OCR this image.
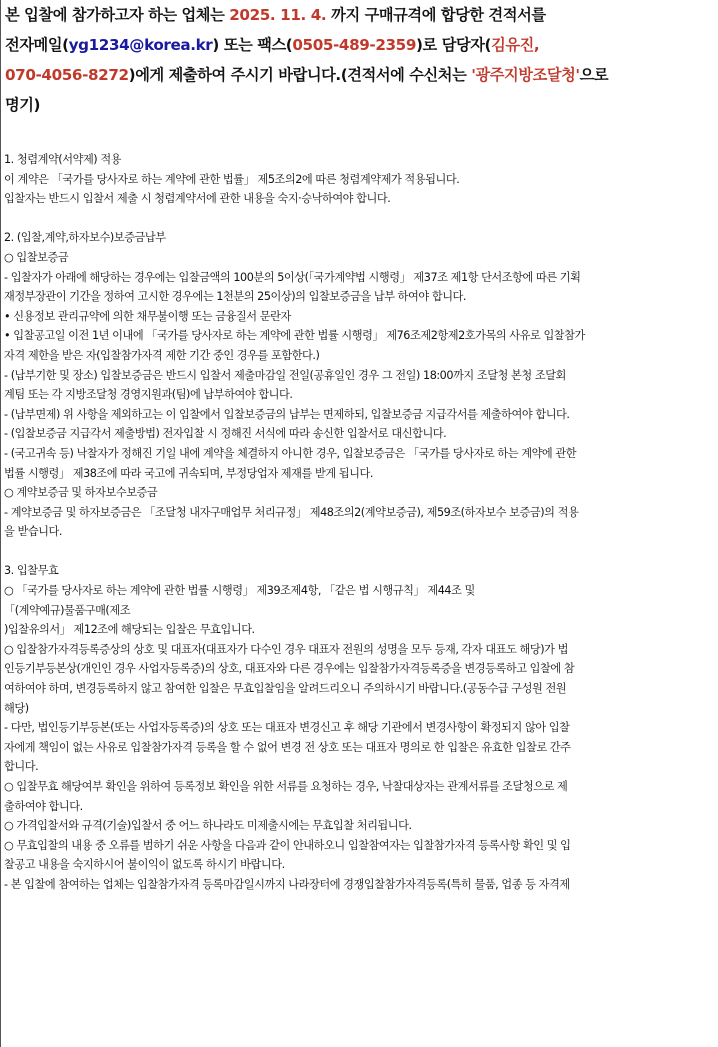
본 입찰에 참가하고자 하는 업체는 2025. 11. 4. 까지 구매규격에 합당한 견적서를
전자메일(yg1234@korea.kr) 또는 팩스(0505-489-2359)로 담당자(김유진,
070-4056-8272)에게 제출하여 주시기 바랍니다.(견적서에 수신처는 '광주지방조달청'으로
명기)
1. 청렴계약(서약제) 적용
이 계약은 「국가를 당사자로 하는 계약에 관한 법률」 제5조의2에 따른 청렴계약제가 적용됩니다.
입찰자는 반드시 입찰서 제출 시 청렴계약서에 관한 내용을 숙지·승낙하여야 합니다.
2. (입찰,계약,하자보수)보증금납부
○ 입찰보증금
- 입찰자가 아래에 해당하는 경우에는 입찰금액의 100분의 5이상(「국가계약법 시행령」 제37조 제1항 단서조항에 따른 기획
재정부장관이 기간을 정하여 고시한 경우에는 1천분의 25이상)의 입찰보증금을 납부 하여야 합니다.
• 신용정보 관리규약에 의한 채무불이행 또는 금융질서 문란자
• 입찰공고일 이전 1년 이내에 「국가를 당사자로 하는 계약에 관한 법률 시행령」 제76조제2항제2호가목의 사유로 입찰참가
자격 제한을 받은 자(입찰참가자격 제한 기간 중인 경우를 포함한다.)
- (납부기한 및 장소) 입찰보증금은 반드시 입찰서 제출마감일 전일(공휴일인 경우 그 전일) 18:00까지 조달청 본청 조달회
계팀 또는 각 지방조달청 경영지원과(팀)에 납부하여야 합니다.
- (납부면제) 위 사항을 제외하고는 이 입찰에서 입찰보증금의 납부는 면제하되, 입찰보증금 지급각서를 제출하여야 합니다.
- (입찰보증금 지급각서 제출방법) 전자입찰 시 정해진 서식에 따라 송신한 입찰서로 대신합니다.
- (국고귀속 등) 낙찰자가 정해진 기일 내에 계약을 체결하지 아니한 경우, 입찰보증금은 「국가를 당사자로 하는 계약에 관한
법률 시행령」 제38조에 따라 국고에 귀속되며, 부정당업자 제재를 받게 됩니다.
○ 계약보증금 및 하자보수보증금
- 계약보증금 및 하자보증금은 「조달청 내자구매업무 처리규정」 제48조의2(계약보증금), 제59조(하자보수 보증금)의 적용
을 받습니다.
3. 입찰무효
○ 「국가를 당사자로 하는 계약에 관한 법률 시행령」 제39조제4항, 「같은 법 시행규칙」 제44조 및
「(계약예규)물품구매(제조
)입찰유의서」 제12조에 해당되는 입찰은 무효입니다.
○ 입찰참가자격등록증상의 상호 및 대표자(대표자가 다수인 경우 대표자 전원의 성명을 모두 등재, 각자 대표도 해당)가 법
인등기부등본상(개인인 경우 사업자등록증)의 상호, 대표자와 다른 경우에는 입찰참가자격등록증을 변경등록하고 입찰에 참
여하여야 하며, 변경등록하지 않고 참여한 입찰은 무효입찰임을 알려드리오니 주의하시기 바랍니다.(공동수급 구성원 전원
해당)
- 다만, 법인등기부등본(또는 사업자등록증)의 상호 또는 대표자 변경신고 후 해당 기관에서 변경사항이 확정되지 않아 입찰
자에게 책임이 없는 사유로 입찰참가자격 등록을 할 수 없어 변경 전 상호 또는 대표자 명의로 한 입찰은 유효한 입찰로 간주
합니다.
○ 입찰무효 해당여부 확인을 위하여 등록정보 확인을 위한 서류를 요청하는 경우, 낙찰대상자는 관계서류를 조달청으로 제
출하여야 합니다.
○ 가격입찰서와 규격(기술)입찰서 중 어느 하나라도 미제출시에는 무효입찰 처리됩니다.
○ 무효입찰의 내용 중 오류를 범하기 쉬운 사항을 다음과 같이 안내하오니 입찰참여자는 입찰참가자격 등록사항 확인 및 입
찰공고 내용을 숙지하시어 불이익이 없도록 하시기 바랍니다.
- 본 입찰에 참여하는 업체는 입찰참가자격 등록마감일시까지 나라장터에 경쟁입찰참가자격등록(특히 물품, 업종 등 자격제
